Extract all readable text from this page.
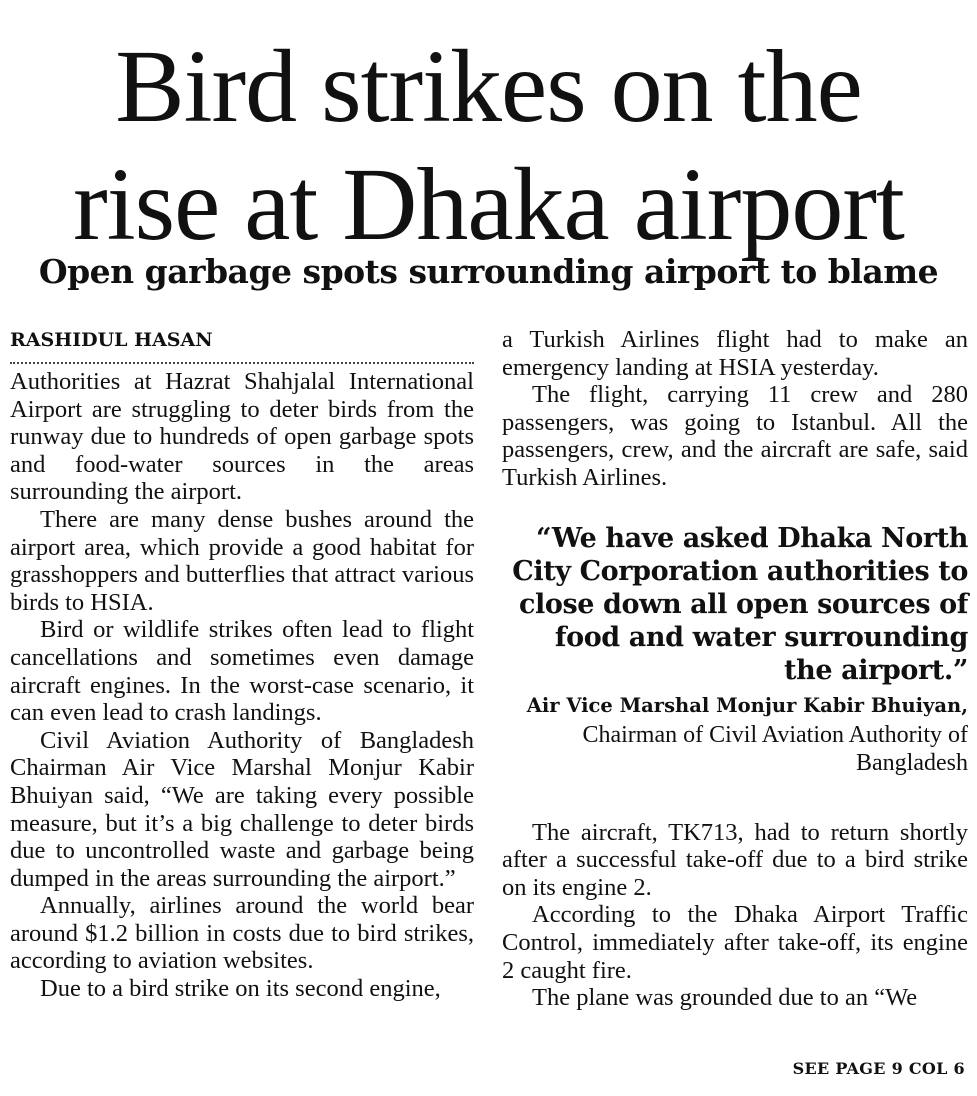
Bird strikes on the
rise at Dhaka airport
Open garbage spots surrounding airport to blame

RASHIDUL HASAN

Authorities at Hazrat Shahjalal International Airport are struggling to deter birds from the runway due to hundreds of open garbage spots and food-water sources in the areas surrounding the airport.

There are many dense bushes around the airport area, which provide a good habitat for grasshoppers and butterflies that attract various birds to HSIA.

Bird or wildlife strikes often lead to flight cancellations and sometimes even damage aircraft engines. In the worst-case scenario, it can even lead to crash landings.

Civil Aviation Authority of Bangladesh Chairman Air Vice Marshal Monjur Kabir Bhuiyan said, “We are taking every possible measure, but it’s a big challenge to deter birds due to uncontrolled waste and garbage being dumped in the areas surrounding the airport.”

Annually, airlines around the world bear around $1.2 billion in costs due to bird strikes, according to aviation websites.

Due to a bird strike on its second engine,

a Turkish Airlines flight had to make an emergency landing at HSIA yesterday.

The flight, carrying 11 crew and 280 passengers, was going to Istanbul. All the passengers, crew, and the aircraft are safe, said Turkish Airlines.

“We have asked Dhaka North City Corporation authorities to close down all open sources of food and water surrounding the airport.”

Air Vice Marshal Monjur Kabir Bhuiyan,

Chairman of Civil Aviation Authority of Bangladesh

The aircraft, TK713, had to return shortly after a successful take-off due to a bird strike on its engine 2.

According to the Dhaka Airport Traffic Control, immediately after take-off, its engine 2 caught fire.

The plane was grounded due to an “We

SEE PAGE 9 COL 6
